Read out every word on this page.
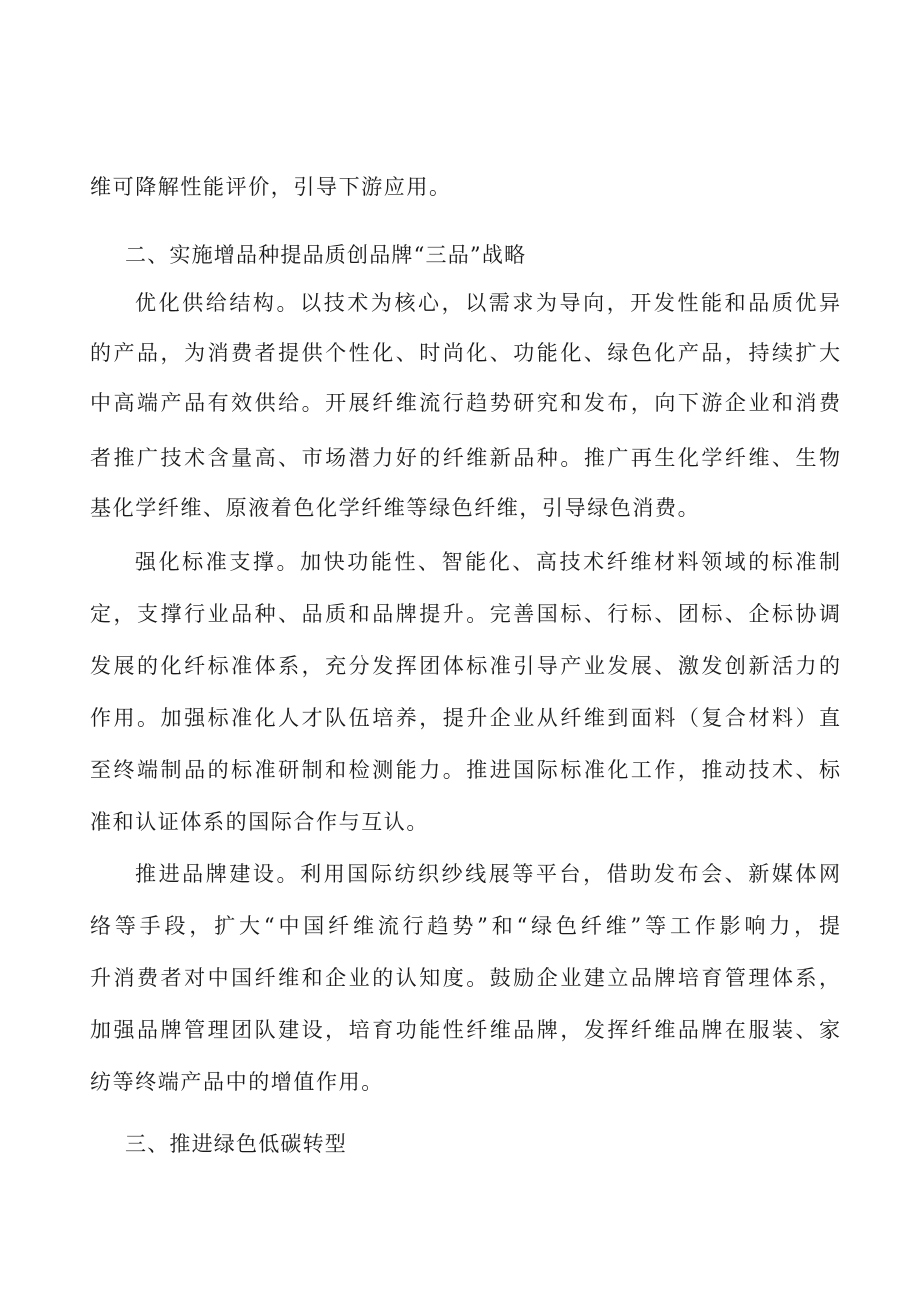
维可降解性能评价，引导下游应用。
二、实施增品种提品质创品牌“三品”战略
优化供给结构。以技术为核心，以需求为导向，开发性能和品质优异
的产品，为消费者提供个性化、时尚化、功能化、绿色化产品，持续扩大
中高端产品有效供给。开展纤维流行趋势研究和发布，向下游企业和消费
者推广技术含量高、市场潜力好的纤维新品种。推广再生化学纤维、生物
基化学纤维、原液着色化学纤维等绿色纤维，引导绿色消费。
强化标准支撑。加快功能性、智能化、高技术纤维材料领域的标准制
定，支撑行业品种、品质和品牌提升。完善国标、行标、团标、企标协调
发展的化纤标准体系，充分发挥团体标准引导产业发展、激发创新活力的
作用。加强标准化人才队伍培养，提升企业从纤维到面料（复合材料）直
至终端制品的标准研制和检测能力。推进国际标准化工作，推动技术、标
准和认证体系的国际合作与互认。
推进品牌建设。利用国际纺织纱线展等平台，借助发布会、新媒体网
络等手段，扩大“中国纤维流行趋势”和“绿色纤维”等工作影响力，提
升消费者对中国纤维和企业的认知度。鼓励企业建立品牌培育管理体系，
加强品牌管理团队建设，培育功能性纤维品牌，发挥纤维品牌在服装、家
纺等终端产品中的增值作用。
三、推进绿色低碳转型
